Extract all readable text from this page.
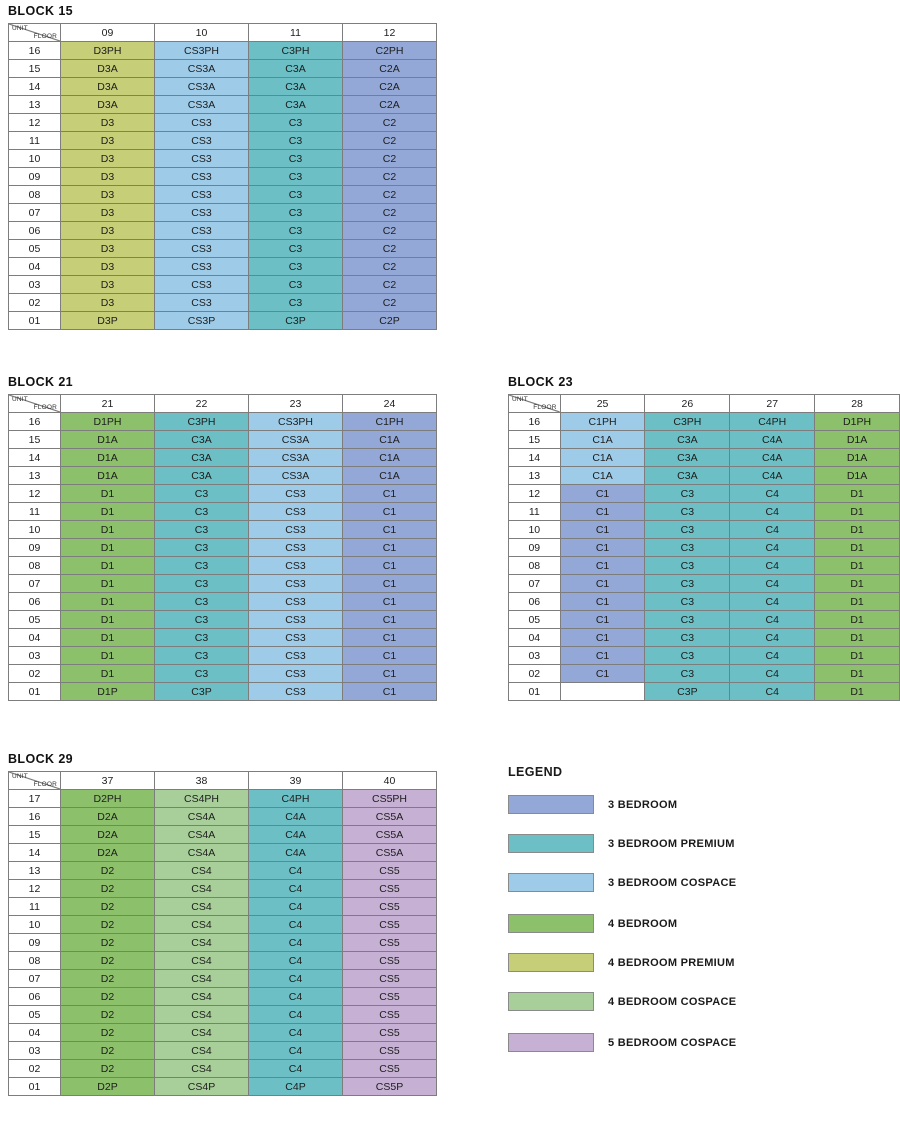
BLOCK 15
UNIT
FLOOR	09	10	11	12
16	D3PH	CS3PH	C3PH	C2PH
15	D3A	CS3A	C3A	C2A
14	D3A	CS3A	C3A	C2A
13	D3A	CS3A	C3A	C2A
12	D3	CS3	C3	C2
11	D3	CS3	C3	C2
10	D3	CS3	C3	C2
09	D3	CS3	C3	C2
08	D3	CS3	C3	C2
07	D3	CS3	C3	C2
06	D3	CS3	C3	C2
05	D3	CS3	C3	C2
04	D3	CS3	C3	C2
03	D3	CS3	C3	C2
02	D3	CS3	C3	C2
01	D3P	CS3P	C3P	C2P
BLOCK 21
UNIT
FLOOR	21	22	23	24
16	D1PH	C3PH	CS3PH	C1PH
15	D1A	C3A	CS3A	C1A
14	D1A	C3A	CS3A	C1A
13	D1A	C3A	CS3A	C1A
12	D1	C3	CS3	C1
11	D1	C3	CS3	C1
10	D1	C3	CS3	C1
09	D1	C3	CS3	C1
08	D1	C3	CS3	C1
07	D1	C3	CS3	C1
06	D1	C3	CS3	C1
05	D1	C3	CS3	C1
04	D1	C3	CS3	C1
03	D1	C3	CS3	C1
02	D1	C3	CS3	C1
01	D1P	C3P	CS3	C1
BLOCK 23
UNIT
FLOOR	25	26	27	28
16	C1PH	C3PH	C4PH	D1PH
15	C1A	C3A	C4A	D1A
14	C1A	C3A	C4A	D1A
13	C1A	C3A	C4A	D1A
12	C1	C3	C4	D1
11	C1	C3	C4	D1
10	C1	C3	C4	D1
09	C1	C3	C4	D1
08	C1	C3	C4	D1
07	C1	C3	C4	D1
06	C1	C3	C4	D1
05	C1	C3	C4	D1
04	C1	C3	C4	D1
03	C1	C3	C4	D1
02	C1	C3	C4	D1
01		C3P	C4	D1
BLOCK 29
UNIT
FLOOR	37	38	39	40
17	D2PH	CS4PH	C4PH	CS5PH
16	D2A	CS4A	C4A	CS5A
15	D2A	CS4A	C4A	CS5A
14	D2A	CS4A	C4A	CS5A
13	D2	CS4	C4	CS5
12	D2	CS4	C4	CS5
11	D2	CS4	C4	CS5
10	D2	CS4	C4	CS5
09	D2	CS4	C4	CS5
08	D2	CS4	C4	CS5
07	D2	CS4	C4	CS5
06	D2	CS4	C4	CS5
05	D2	CS4	C4	CS5
04	D2	CS4	C4	CS5
03	D2	CS4	C4	CS5
02	D2	CS4	C4	CS5
01	D2P	CS4P	C4P	CS5P
LEGEND
3 BEDROOM
3 BEDROOM PREMIUM
3 BEDROOM COSPACE
4 BEDROOM
4 BEDROOM PREMIUM
4 BEDROOM COSPACE
5 BEDROOM COSPACE
